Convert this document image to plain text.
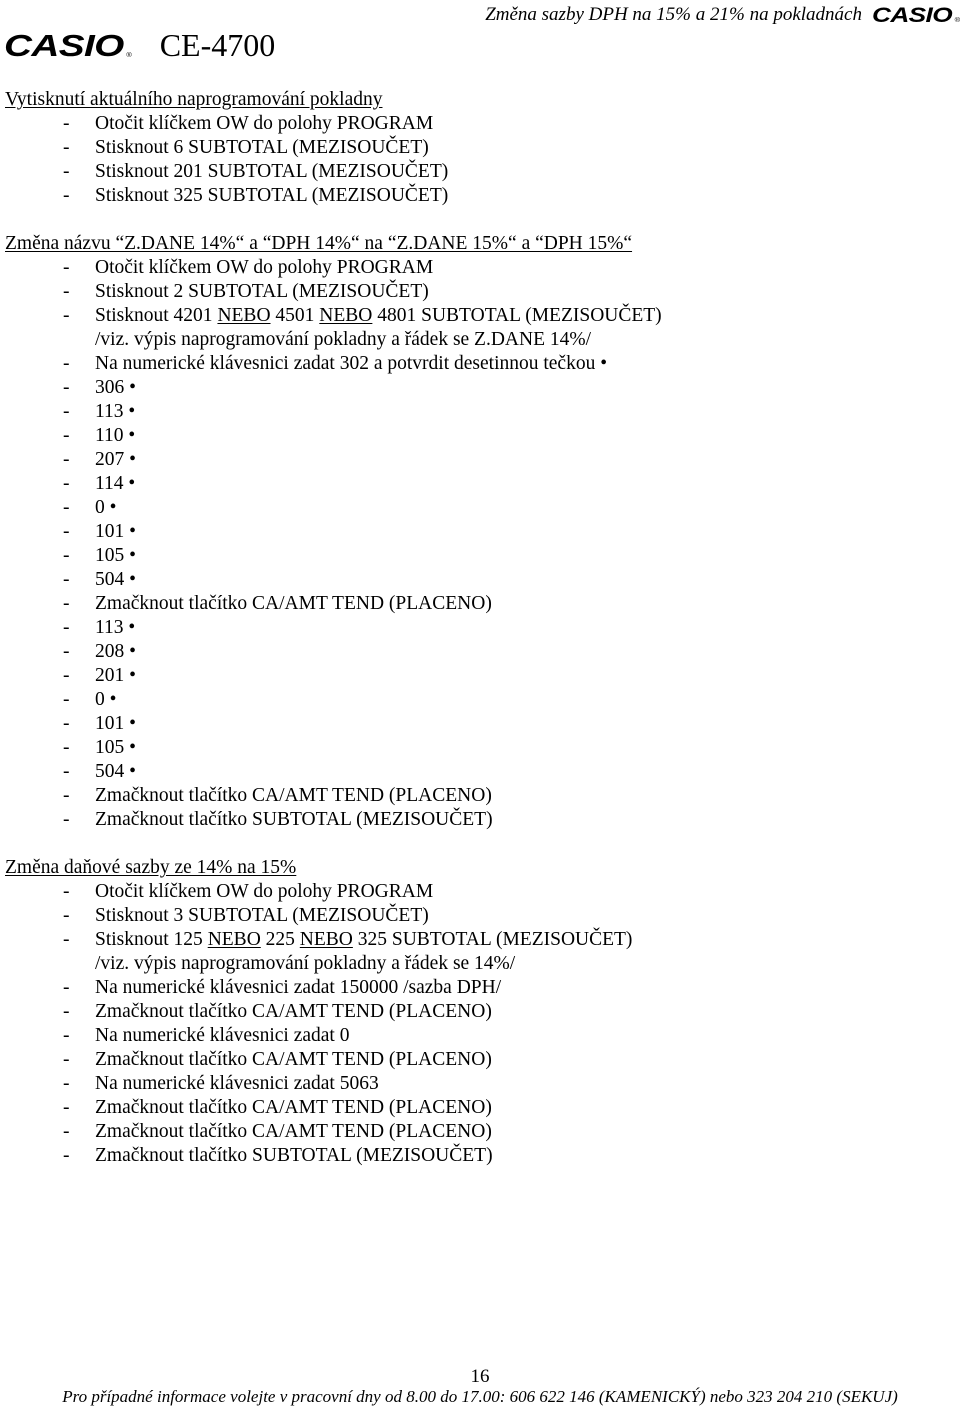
Změna sazby DPH na 15% a 21% na pokladnách CASIO ®
CASIO ® CE-4700
Vytisknutí aktuálního naprogramování pokladny
- Otočit klíčkem OW do polohy PROGRAM
- Stisknout 6 SUBTOTAL (MEZISOUČET)
- Stisknout 201 SUBTOTAL (MEZISOUČET)
- Stisknout 325 SUBTOTAL (MEZISOUČET)
Změna názvu “Z.DANE 14%“ a “DPH 14%“ na “Z.DANE 15%“ a “DPH 15%“
- Otočit klíčkem OW do polohy PROGRAM
- Stisknout 2 SUBTOTAL (MEZISOUČET)
- Stisknout 4201 NEBO 4501 NEBO 4801 SUBTOTAL (MEZISOUČET)
/viz. výpis naprogramování pokladny a řádek se Z.DANE 14%/
- Na numerické klávesnici zadat 302 a potvrdit desetinnou tečkou •
- 306 •
- 113 •
- 110 •
- 207 •
- 114 •
- 0 •
- 101 •
- 105 •
- 504 •
- Zmačknout tlačítko CA/AMT TEND (PLACENO)
- 113 •
- 208 •
- 201 •
- 0 •
- 101 •
- 105 •
- 504 •
- Zmačknout tlačítko CA/AMT TEND (PLACENO)
- Zmačknout tlačítko SUBTOTAL (MEZISOUČET)
Změna daňové sazby ze 14% na 15%
- Otočit klíčkem OW do polohy PROGRAM
- Stisknout 3 SUBTOTAL (MEZISOUČET)
- Stisknout 125 NEBO 225 NEBO 325 SUBTOTAL (MEZISOUČET)
/viz. výpis naprogramování pokladny a řádek se 14%/
- Na numerické klávesnici zadat 150000 /sazba DPH/
- Zmačknout tlačítko CA/AMT TEND (PLACENO)
- Na numerické klávesnici zadat 0
- Zmačknout tlačítko CA/AMT TEND (PLACENO)
- Na numerické klávesnici zadat 5063
- Zmačknout tlačítko CA/AMT TEND (PLACENO)
- Zmačknout tlačítko CA/AMT TEND (PLACENO)
- Zmačknout tlačítko SUBTOTAL (MEZISOUČET)
16
Pro případné informace volejte v pracovní dny od 8.00 do 17.00: 606 622 146 (KAMENICKÝ) nebo 323 204 210 (SEKUJ)
